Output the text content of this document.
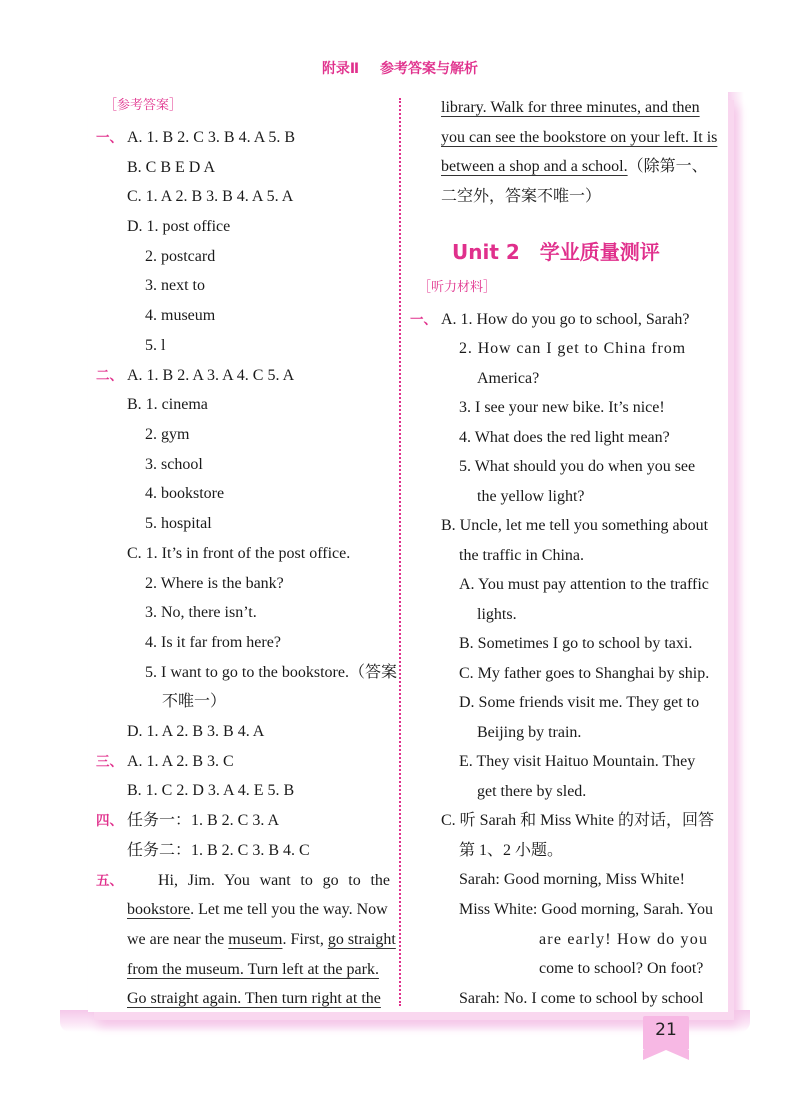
附录Ⅱ 参考答案与解析
［参考答案］
一、 A. 1. B 2. C 3. B 4. A 5. B
B. C B E D A
C. 1. A 2. B 3. B 4. A 5. A
D. 1. post office
2. postcard
3. next to
4. museum
5. l
二、 A. 1. B 2. A 3. A 4. C 5. A
B. 1. cinema
2. gym
3. school
4. bookstore
5. hospital
C. 1. It’s in front of the post office.
2. Where is the bank?
3. No, there isn’t.
4. Is it far from here?
5. I want to go to the bookstore.（答案
不唯一）
D. 1. A 2. B 3. B 4. A
三、 A. 1. A 2. B 3. C
B. 1. C 2. D 3. A 4. E 5. B
四、 任务一：1. B 2. C 3. A
任务二：1. B 2. C 3. B 4. C
五、 Hi, Jim. You want to go to the
bookstore. Let me tell you the way. Now
we are near the museum. First, go straight
from the museum. Turn left at the park.
Go straight again. Then turn right at the
library. Walk for three minutes, and then
you can see the bookstore on your left. It is
between a shop and a school.（除第一、
二空外，答案不唯一）
Unit 2　学业质量测评
［听力材料］
一、 A. 1. How do you go to school, Sarah?
2. How can I get to China from
America?
3. I see your new bike. It’s nice!
4. What does the red light mean?
5. What should you do when you see
the yellow light?
B. Uncle, let me tell you something about
the traffic in China.
A. You must pay attention to the traffic
lights.
B. Sometimes I go to school by taxi.
C. My father goes to Shanghai by ship.
D. Some friends visit me. They get to
Beijing by train.
E. They visit Haituo Mountain. They
get there by sled.
C. 听 Sarah 和 Miss White 的对话，回答
第 1、2 小题。
Sarah: Good morning, Miss White!
Miss White: Good morning, Sarah. You
are early! How do you
come to school? On foot?
Sarah: No. I come to school by school
21
